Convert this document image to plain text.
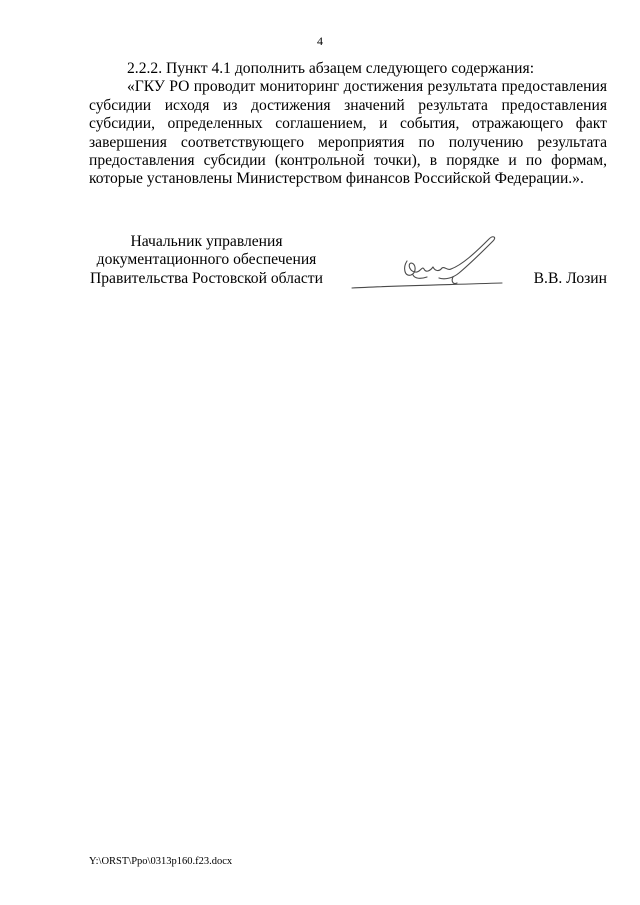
4

2.2.2. Пункт 4.1 дополнить абзацем следующего содержания:

«ГКУ РО проводит мониторинг достижения результата предоставления субсидии исходя из достижения значений результата предоставления субсидии, определенных соглашением, и события, отражающего факт завершения соответствующего мероприятия по получению результата предоставления субсидии (контрольной точки), в порядке и по формам, которые установлены Министерством финансов Российской Федерации.».

Начальник управления
документационного обеспечения
Правительства Ростовской области	В.В. Лозин
Y:\ORST\Ppo\0313p160.f23.docx
